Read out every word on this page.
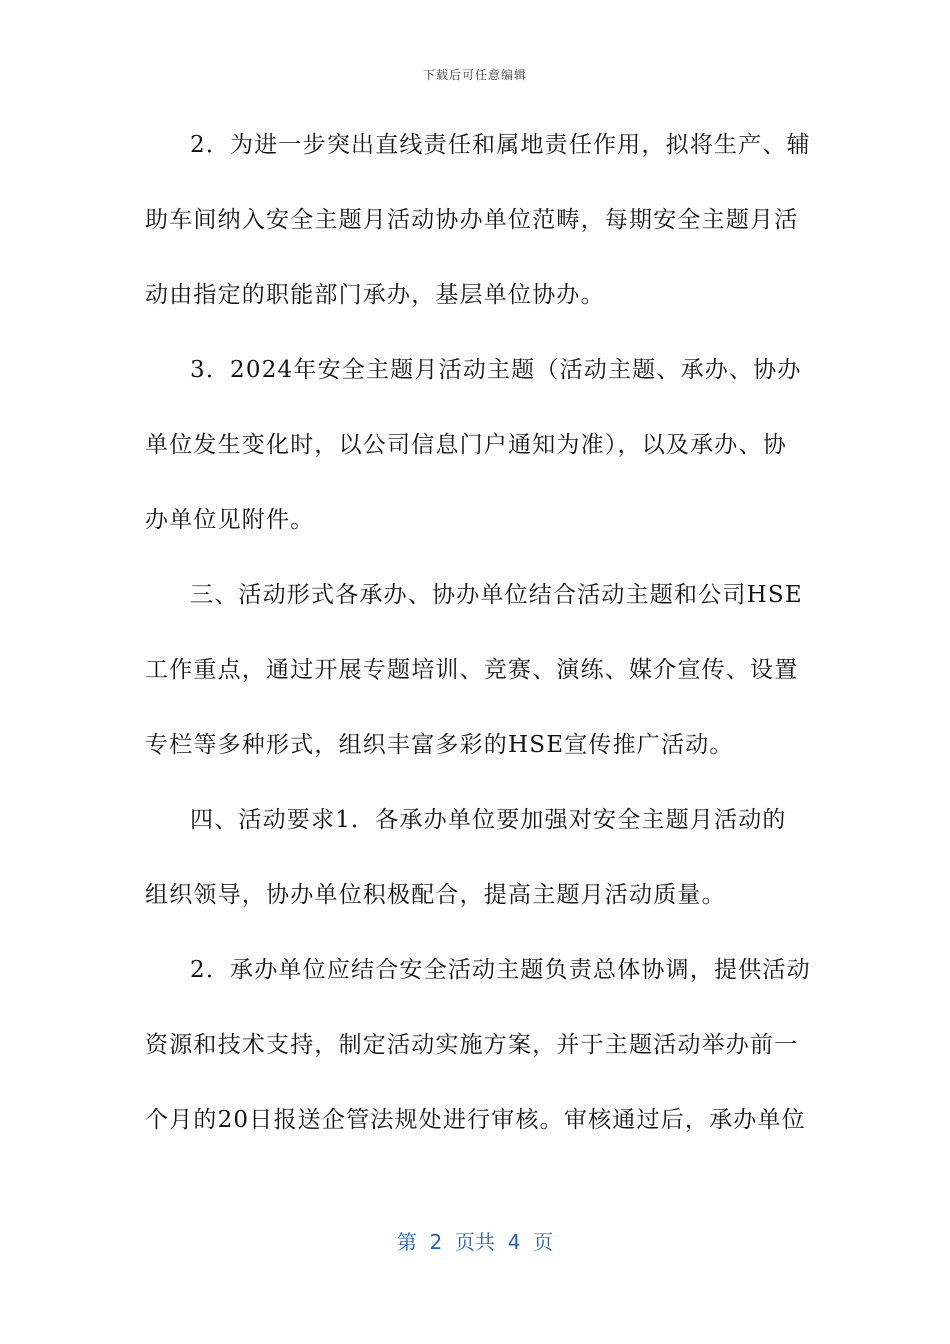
下载后可任意编辑
2．为进一步突出直线责任和属地责任作用，拟将生产、辅
助车间纳入安全主题月活动协办单位范畴，每期安全主题月活
动由指定的职能部门承办，基层单位协办。
3．2024年安全主题月活动主题（活动主题、承办、协办
单位发生变化时，以公司信息门户通知为准），以及承办、协
办单位见附件。
三、活动形式各承办、协办单位结合活动主题和公司HSE
工作重点，通过开展专题培训、竞赛、演练、媒介宣传、设置
专栏等多种形式，组织丰富多彩的HSE宣传推广活动。
四、活动要求1．各承办单位要加强对安全主题月活动的
组织领导，协办单位积极配合，提高主题月活动质量。
2．承办单位应结合安全活动主题负责总体协调，提供活动
资源和技术支持，制定活动实施方案，并于主题活动举办前一
个月的20日报送企管法规处进行审核。审核通过后，承办单位
第  2  页共  4  页
